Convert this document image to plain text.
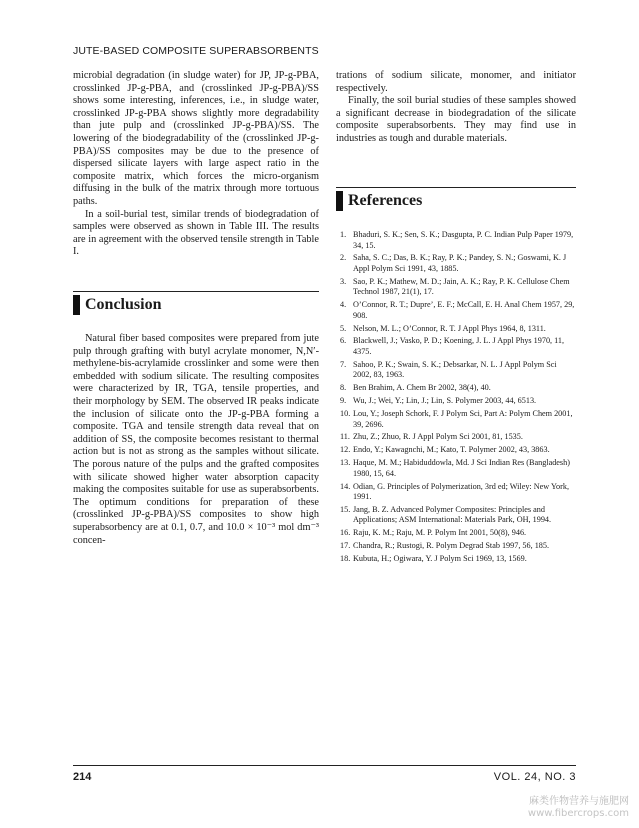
JUTE-BASED COMPOSITE SUPERABSORBENTS

microbial degradation (in sludge water) for JP, JP-g-PBA, crosslinked JP-g-PBA, and (crosslinked JP-g-PBA)/SS shows some interesting, inferences, i.e., in sludge water, crosslinked JP-g-PBA shows slightly more degradability than jute pulp and (crosslinked JP-g-PBA)/SS. The lowering of the biodegradability of the (crosslinked JP-g-PBA)/SS composites may be due to the presence of dispersed silicate layers with large aspect ratio in the composite matrix, which forces the micro-organism diffusing in the bulk of the matrix through more tortuous paths.

In a soil-burial test, similar trends of biodegradation of samples were observed as shown in Table III. The results are in agreement with the observed tensile strength in Table I.

Conclusion

Natural fiber based composites were prepared from jute pulp through grafting with butyl acrylate monomer, N,N′-methylene-bis-acrylamide crosslinker and some were then embedded with sodium silicate. The resulting composites were characterized by IR, TGA, tensile properties, and their morphology by SEM. The observed IR peaks indicate the inclusion of silicate onto the JP-g-PBA forming a composite. TGA and tensile strength data reveal that on addition of SS, the composite becomes resistant to thermal action but is not as strong as the samples without silicate. The porous nature of the pulps and the grafted composites with silicate showed higher water absorption capacity making the composites suitable for use as superabsorbents. The optimum conditions for preparation of these (crosslinked JP-g-PBA)/SS composites to show high superabsorbency are at 0.1, 0.7, and 10.0 × 10⁻³ mol dm⁻³ concen-

trations of sodium silicate, monomer, and initiator respectively.

Finally, the soil burial studies of these samples showed a significant decrease in biodegradation of the silicate composite superabsorbents. They may find use in industries as tough and durable materials.

References
1. Bhaduri, S. K.; Sen, S. K.; Dasgupta, P. C. Indian Pulp Paper 1979, 34, 15.
2. Saha, S. C.; Das, B. K.; Ray, P. K.; Pandey, S. N.; Goswami, K. J Appl Polym Sci 1991, 43, 1885.
3. Sao, P. K.; Mathew, M. D.; Jain, A. K.; Ray, P. K. Cellulose Chem Technol 1987, 21(1), 17.
4. O’Connor, R. T.; Dupre’, E. F.; McCall, E. H. Anal Chem 1957, 29, 908.
5. Nelson, M. L.; O’Connor, R. T. J Appl Phys 1964, 8, 1311.
6. Blackwell, J.; Vasko, P. D.; Koening, J. L. J Appl Phys 1970, 11, 4375.
7. Sahoo, P. K.; Swain, S. K.; Debsarkar, N. L. J Appl Polym Sci 2002, 83, 1963.
8. Ben Brahim, A. Chem Br 2002, 38(4), 40.
9. Wu, J.; Wei, Y.; Lin, J.; Lin, S. Polymer 2003, 44, 6513.
10. Lou, Y.; Joseph Schork, F. J Polym Sci, Part A: Polym Chem 2001, 39, 2696.
11. Zhu, Z.; Zhuo, R. J Appl Polym Sci 2001, 81, 1535.
12. Endo, Y.; Kawagnchi, M.; Kato, T. Polymer 2002, 43, 3863.
13. Haque, M. M.; Habiduddowla, Md. J Sci Indian Res (Bangladesh) 1980, 15, 64.
14. Odian, G. Principles of Polymerization, 3rd ed; Wiley: New York, 1991.
15. Jang, B. Z. Advanced Polymer Composites: Principles and Applications; ASM International: Materials Park, OH, 1994.
16. Raju, K. M.; Raju, M. P. Polym Int 2001, 50(8), 946.
17. Chandra, R.; Rustogi, R. Polym Degrad Stab 1997, 56, 185.
18. Kubuta, H.; Ogiwara, Y. J Polym Sci 1969, 13, 1569.
214	VOL. 24, NO. 3
麻类作物营养与施肥网
www.fibercrops.com
